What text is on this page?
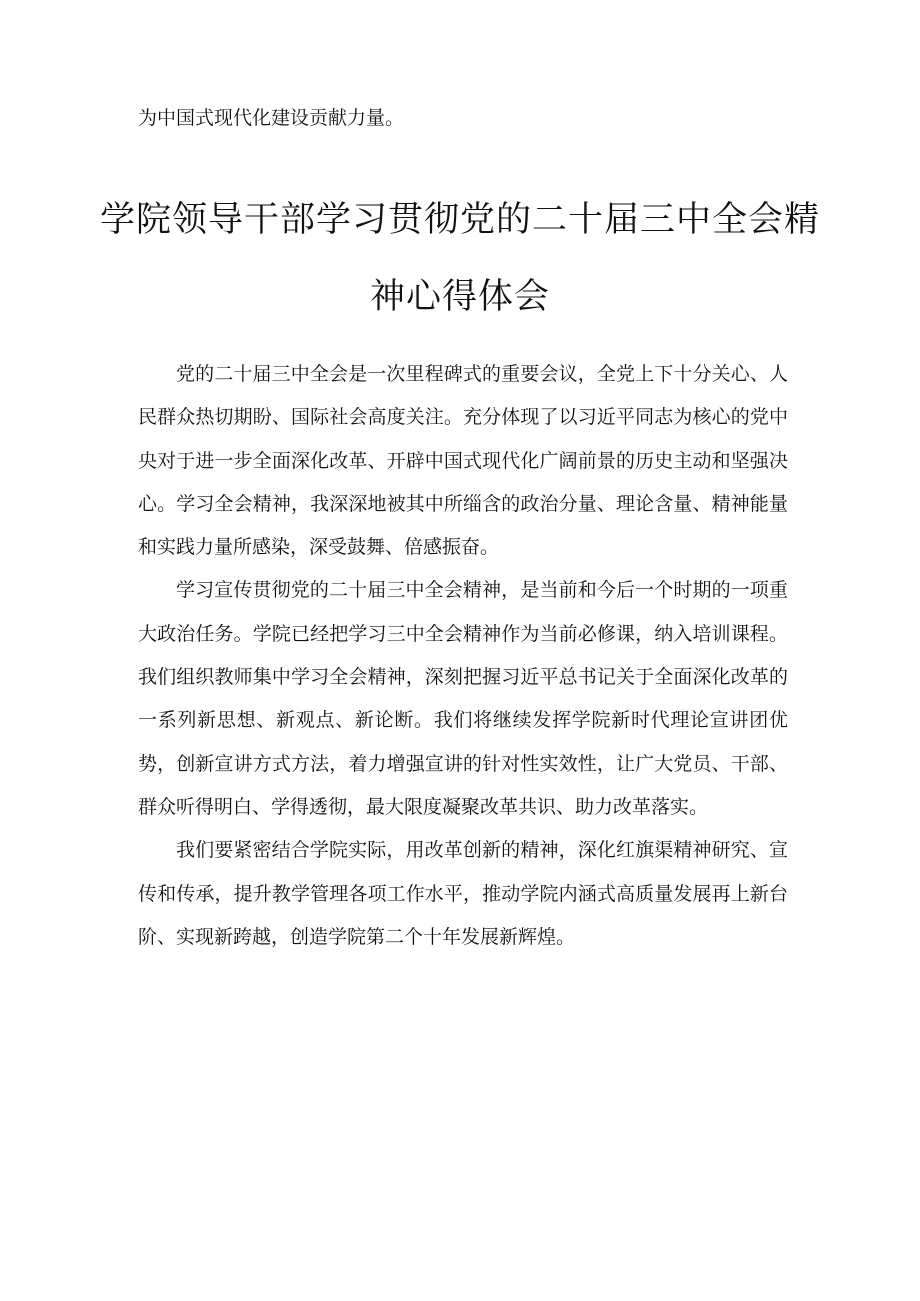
为中国式现代化建设贡献力量。

学院领导干部学习贯彻党的二十届三中全会精神心得体会

党的二十届三中全会是一次里程碑式的重要会议，全党上下十分关心、人民群众热切期盼、国际社会高度关注。充分体现了以习近平同志为核心的党中央对于进一步全面深化改革、开辟中国式现代化广阔前景的历史主动和坚强决心。学习全会精神，我深深地被其中所缁含的政治分量、理论含量、精神能量和实践力量所感染，深受鼓舞、倍感振奋。

学习宣传贯彻党的二十届三中全会精神，是当前和今后一个时期的一项重大政治任务。学院已经把学习三中全会精神作为当前必修课，纳入培训课程。我们组织教师集中学习全会精神，深刻把握习近平总书记关于全面深化改革的一系列新思想、新观点、新论断。我们将继续发挥学院新时代理论宣讲团优势，创新宣讲方式方法，着力增强宣讲的针对性实效性，让广大党员、干部、群众听得明白、学得透彻，最大限度凝聚改革共识、助力改革落实。

我们要紧密结合学院实际，用改革创新的精神，深化红旗渠精神研究、宣传和传承，提升教学管理各项工作水平，推动学院内涵式高质量发展再上新台阶、实现新跨越，创造学院第二个十年发展新辉煌。
